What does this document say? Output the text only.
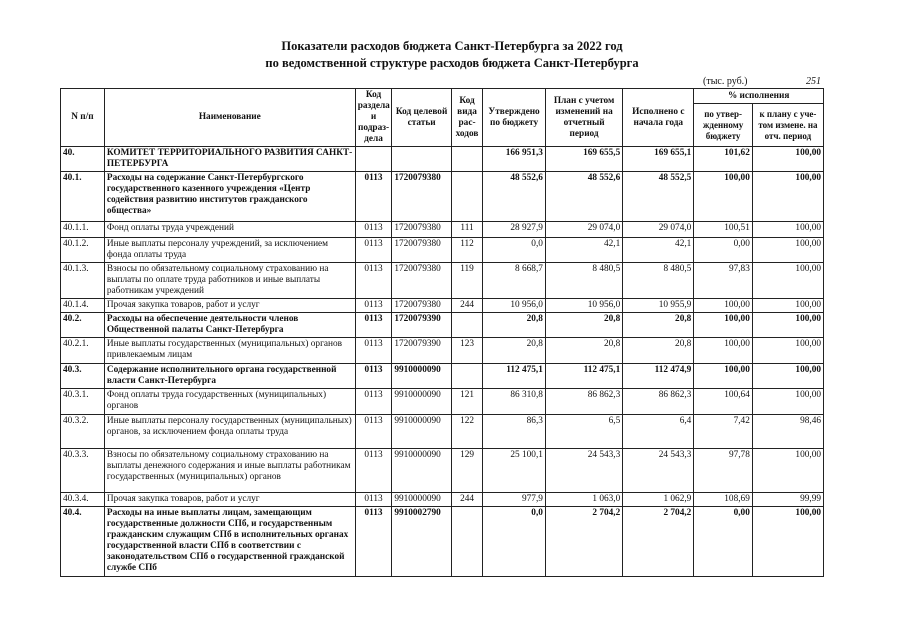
Показатели расходов бюджета Санкт-Петербурга за 2022 год
по ведомственной структуре расходов бюджета Санкт-Петербурга
(тыс. руб.)	251
N п/п	Наименование	Код раздела и подраз-дела	Код целевой статьи	Код вида рас-ходов	Утверждено по бюджету	План с учетом изменений на отчетный период	Исполнено с начала года	% исполнения	
								по утвер-жденному бюджету	к плану с уче-том измене. на отч. период
40.	КОМИТЕТ ТЕРРИТОРИАЛЬНОГО РАЗВИТИЯ САНКТ-ПЕТЕРБУРГА				166 951,3	169 655,5	169 655,1	101,62	100,00
40.1.	Расходы на содержание Санкт-Петербургского государственного казенного учреждения «Центр содействия развитию институтов гражданского общества»	0113	1720079380		48 552,6	48 552,6	48 552,5	100,00	100,00
40.1.1.	Фонд оплаты труда учреждений	0113	1720079380	111	28 927,9	29 074,0	29 074,0	100,51	100,00
40.1.2.	Иные выплаты персоналу учреждений, за исключением фонда оплаты труда	0113	1720079380	112	0,0	42,1	42,1	0,00	100,00
40.1.3.	Взносы по обязательному социальному страхованию на выплаты по оплате труда работников и иные выплаты работникам учреждений	0113	1720079380	119	8 668,7	8 480,5	8 480,5	97,83	100,00
40.1.4.	Прочая закупка товаров, работ и услуг	0113	1720079380	244	10 956,0	10 956,0	10 955,9	100,00	100,00
40.2.	Расходы на обеспечение деятельности членов Общественной палаты Санкт-Петербурга	0113	1720079390		20,8	20,8	20,8	100,00	100,00
40.2.1.	Иные выплаты государственных (муниципальных) органов привлекаемым лицам	0113	1720079390	123	20,8	20,8	20,8	100,00	100,00
40.3.	Содержание исполнительного органа государственной власти Санкт-Петербурга	0113	9910000090		112 475,1	112 475,1	112 474,9	100,00	100,00
40.3.1.	Фонд оплаты труда государственных (муниципальных) органов	0113	9910000090	121	86 310,8	86 862,3	86 862,3	100,64	100,00
40.3.2.	Иные выплаты персоналу государственных (муниципальных) органов, за исключением фонда оплаты труда	0113	9910000090	122	86,3	6,5	6,4	7,42	98,46
40.3.3.	Взносы по обязательному социальному страхованию на выплаты денежного содержания и иные выплаты работникам государственных (муниципальных) органов	0113	9910000090	129	25 100,1	24 543,3	24 543,3	97,78	100,00
40.3.4.	Прочая закупка товаров, работ и услуг	0113	9910000090	244	977,9	1 063,0	1 062,9	108,69	99,99
40.4.	Расходы на иные выплаты лицам, замещающим государственные должности СПб, и государственным гражданским служащим СПб в исполнительных органах государственной власти СПб в соответствии с законодательством СПб о государственной гражданской службе СПб	0113	9910002790		0,0	2 704,2	2 704,2	0,00	100,00
